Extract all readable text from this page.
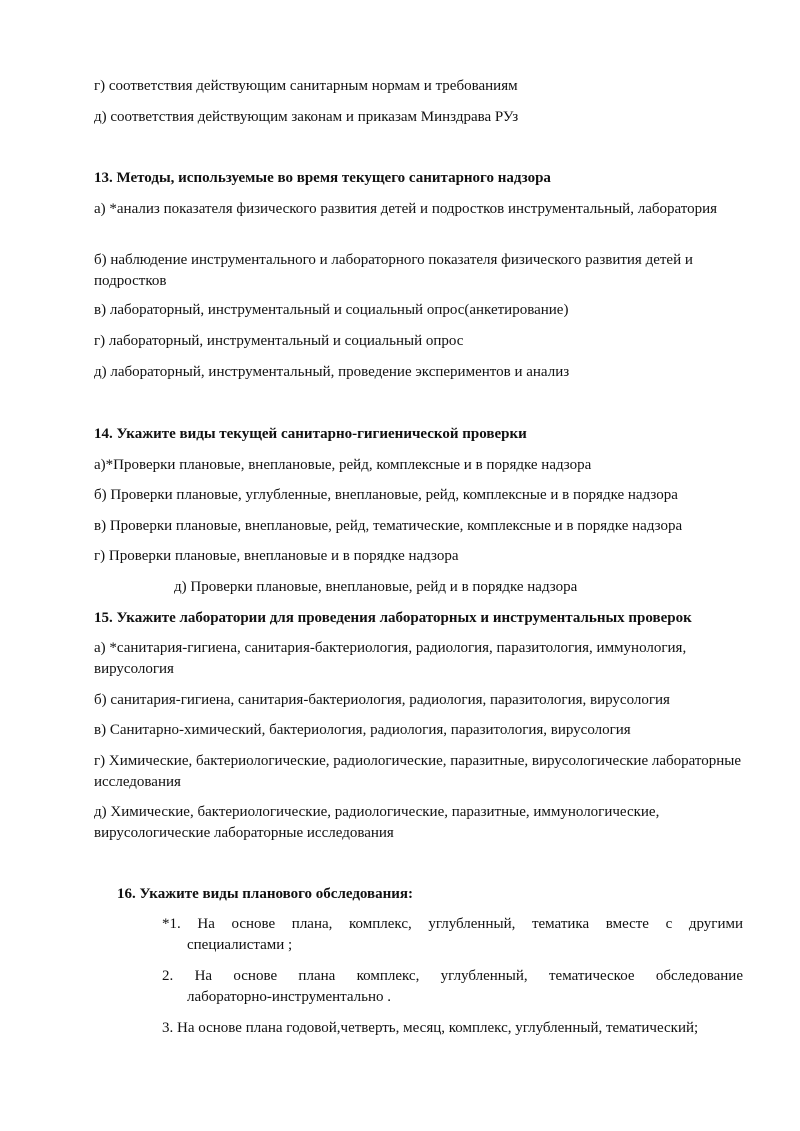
г) соответствия действующим санитарным нормам и требованиям
д) соответствия действующим законам и приказам Минздрава РУз
13. Методы, используемые во время текущего санитарного надзора
а) *анализ показателя физического развития детей и подростков инструментальный, лаборатория
б) наблюдение инструментального и лабораторного показателя физического развития детей и подростков
в) лабораторный, инструментальный и социальный опрос(анкетирование)
г) лабораторный, инструментальный и социальный опрос
д) лабораторный, инструментальный, проведение экспериментов и анализ
14. Укажите виды текущей санитарно-гигиенической проверки
а)*Проверки плановые, внеплановые, рейд, комплексные и в порядке надзора
б) Проверки плановые, углубленные, внеплановые, рейд, комплексные и в порядке надзора
в) Проверки плановые, внеплановые, рейд, тематические, комплексные и в порядке надзора
г) Проверки плановые, внеплановые и в порядке надзора
д) Проверки плановые, внеплановые, рейд и в порядке надзора
15. Укажите лаборатории для проведения лабораторных и инструментальных проверок
а) *санитария-гигиена, санитария-бактериология, радиология, паразитология, иммунология, вирусология
б) санитария-гигиена, санитария-бактериология, радиология, паразитология, вирусология
в) Санитарно-химический, бактериология, радиология, паразитология, вирусология
г) Химические, бактериологические, радиологические, паразитные, вирусологические лабораторные исследования
д) Химические, бактериологические, радиологические, паразитные, иммунологические, вирусологические лабораторные исследования
16. Укажите виды планового обследования:
*1. На основе плана, комплекс, углубленный, тематика вместе с другими
специалистами ;
2. На основе плана комплекс, углубленный, тематическое обследование
лабораторно-инструментально .
3. На основе плана годовой,четверть, месяц, комплекс, углубленный, тематический;
